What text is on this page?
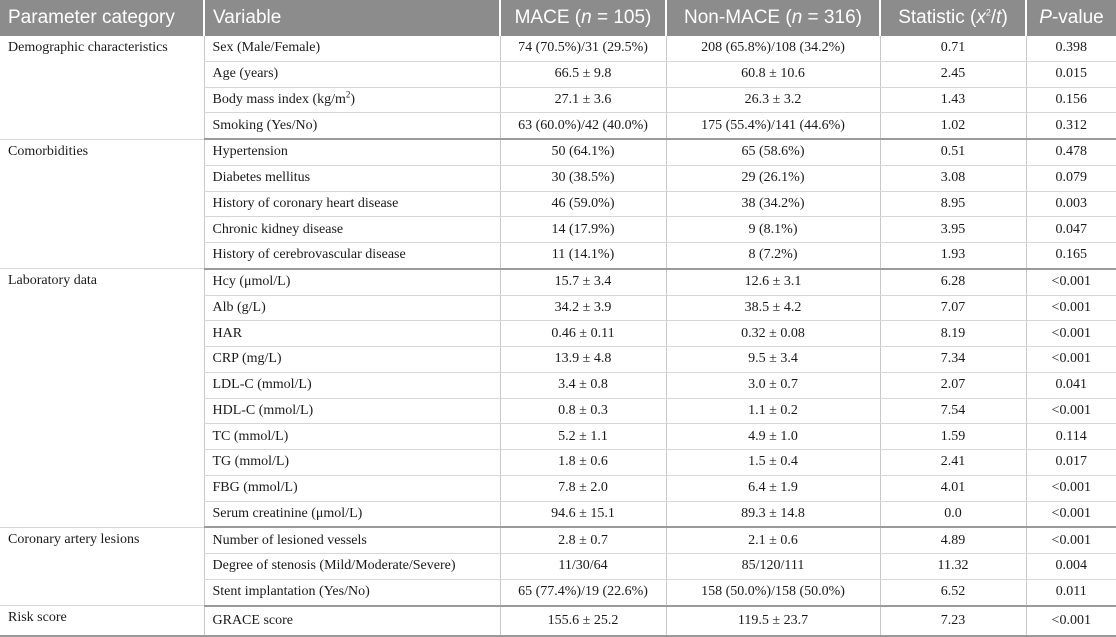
Parameter category	Variable	MACE (n = 105)	Non-MACE (n = 316)	Statistic $(x^2/t)$	P-value
Demographic characteristics	Sex (Male/Female)	74 (70.5%)/31 (29.5%)	208 (65.8%)/108 (34.2%)	0.71	0.398
	Age (years)	66.5 ± 9.8	60.8 ± 10.6	2.45	0.015
	Body mass index $(kg/m^2)$	27.1 ± 3.6	26.3 ± 3.2	1.43	0.156
	Smoking (Yes/No)	63 (60.0%)/42 (40.0%)	175 (55.4%)/141 (44.6%)	1.02	0.312
Comorbidities	Hypertension	50 (64.1%)	65 (58.6%)	0.51	0.478
	Diabetes mellitus	30 (38.5%)	29 (26.1%)	3.08	0.079
	History of coronary heart disease	46 (59.0%)	38 (34.2%)	8.95	0.003
	Chronic kidney disease	14 (17.9%)	9 (8.1%)	3.95	0.047
	History of cerebrovascular disease	11 (14.1%)	8 (7.2%)	1.93	0.165
Laboratory data	Hcy (μmol/L)	15.7 ± 3.4	12.6 ± 3.1	6.28	<0.001
	Alb (g/L)	34.2 ± 3.9	38.5 ± 4.2	7.07	<0.001
	HAR	0.46 ± 0.11	0.32 ± 0.08	8.19	<0.001
	CRP (mg/L)	13.9 ± 4.8	9.5 ± 3.4	7.34	<0.001
	LDL-C (mmol/L)	3.4 ± 0.8	3.0 ± 0.7	2.07	0.041
	HDL-C (mmol/L)	0.8 ± 0.3	1.1 ± 0.2	7.54	<0.001
	TC (mmol/L)	5.2 ± 1.1	4.9 ± 1.0	1.59	0.114
	TG (mmol/L)	1.8 ± 0.6	1.5 ± 0.4	2.41	0.017
	FBG (mmol/L)	7.8 ± 2.0	6.4 ± 1.9	4.01	<0.001
	Serum creatinine (μmol/L)	94.6 ± 15.1	89.3 ± 14.8	0.0	<0.001
Coronary artery lesions	Number of lesioned vessels	2.8 ± 0.7	2.1 ± 0.6	4.89	<0.001
	Degree of stenosis (Mild/Moderate/Severe)	11/30/64	85/120/111	11.32	0.004
	Stent implantation (Yes/No)	65 (77.4%)/19 (22.6%)	158 (50.0%)/158 (50.0%)	6.52	0.011
Risk score	GRACE score	155.6 ± 25.2	119.5 ± 23.7	7.23	<0.001
